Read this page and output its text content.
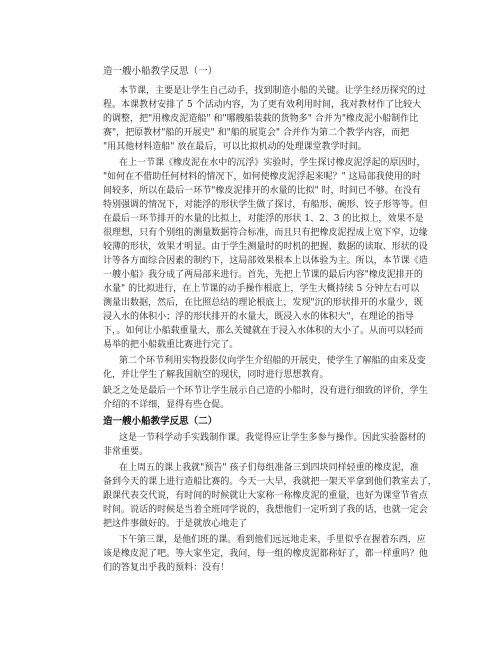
造一艘小船教学反思（一）
本节课，主要是让学生自己动手，找到制造小船的关键。让学生经历探究的过
程。本课教材安排了 5 个活动内容，为了更有效利用时间，我对教材作了比较大
的调整，把"用橡皮泥造船" 和"哪艘船装载的货物多" 合并为"橡皮泥小船制作比
赛"，把原教材"船的开展史" 和"船的展览会" 合并作为第二个教学内容，而把
"用其他材料造船" 放在最后，可以比拟机动的处理课堂教学时间。
在上一节课《橡皮泥在水中的沉浮》实验时，学生探讨橡皮泥浮起的原因时，
"如何在不借助任何材料的情况下，如何使橡皮泥浮起来呢？" 这局部我使用的时
间较多，所以在最后一环节"橡皮泥排开的水量的比拟" 时，时间已不够。在没有
特别强调的情况下，对能浮的形状学生做了探讨，有船形、碗形、饺子形等等。但
在最后一环节排开的水量的比拟上，对能浮的形状 1、2、3 的比拟上，效果不是
很理想，只有个别组的测量数据符合标准，而且只有把橡皮泥捏成上宽下窄，边缘
较薄的形状，效果才明显。由于学生测量时的时机的把握、数据的读取、形状的设
计等各方面综合因素的制约下，这局部效果根本上以体验为主。所以，本节课《造
一艘小船》我分成了两局部来进行。首先，先把上节课的最后内容"橡皮泥排开的
水量" 的比拟进行，在上节课的动手操作根底上，学生大概持续 5 分钟左右可以
测量出数据，然后，在比照总结的理论根底上，发现"沉的形状排开的水量少，既
浸入水的体积小；浮的形状排开的水量大，既浸入水的体积大"，在理论的指导
下，。如何让小船载重量大，那么关键就在于浸入水体积的大小了。从而可以轻而
易举的把小船载重比赛进行完了。
第二个环节利用实物投影仪向学生介绍船的开展史，使学生了解船的由来及变
化，并让学生了解我国航空的现状，同时进行思想教育。
缺乏之处是最后一个环节让学生展示自己造的小船时，没有进行细致的评价，学生
介绍的不详细，显得有些仓促。
这是一节科学动手实践制作课。我觉得应让学生多参与操作。因此实验器材的
非常重要。
在上周五的课上我就"预告" 孩子们每组准备三到四块同样轻重的橡皮泥，准
备到今天的课上进行造船比赛的。今天一大早，我就把一架天平拿到他们教室去了，
跟课代表交代说，有时间的时候就让大家称一称橡皮泥的重量，也好为课堂节省点
时间。说话的时候是当着全班同学说的，我想他们一定听到了我的话，也就一定会
把这件事做好的。于是就放心地走了
下午第三课，是他们班的课。看到他们远远地走来，手里似乎在握着东西，应
该是橡皮泥了吧。等大家坐定，我问，每一组的橡皮泥都称好了，都一样重吗？他
们的答复出乎我的预料：没有！
造一艘小船教学反思（二）
